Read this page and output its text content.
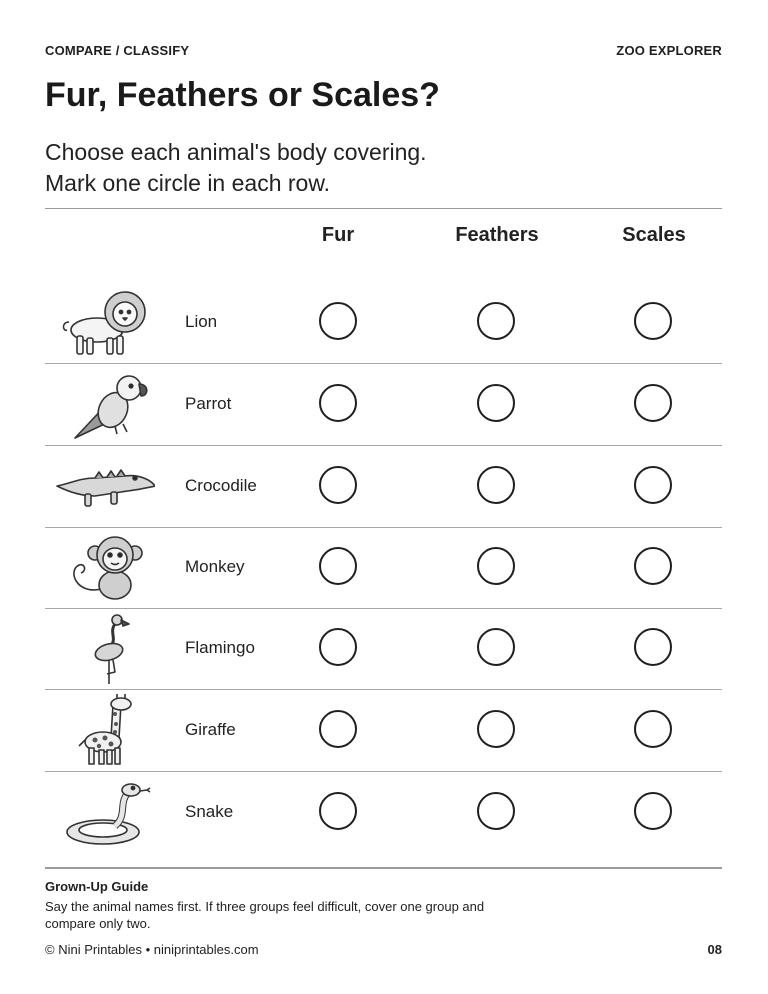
COMPARE / CLASSIFY	ZOO EXPLORER
Fur, Feathers or Scales?
Choose each animal's body covering.
Mark one circle in each row.
Fur	Feathers	Scales
Lion
Parrot
Crocodile
Monkey
Flamingo
Giraffe
Snake
Grown-Up Guide
Say the animal names first. If three groups feel difficult, cover one group and compare only two.
© Nini Printables • niniprintables.com	08
